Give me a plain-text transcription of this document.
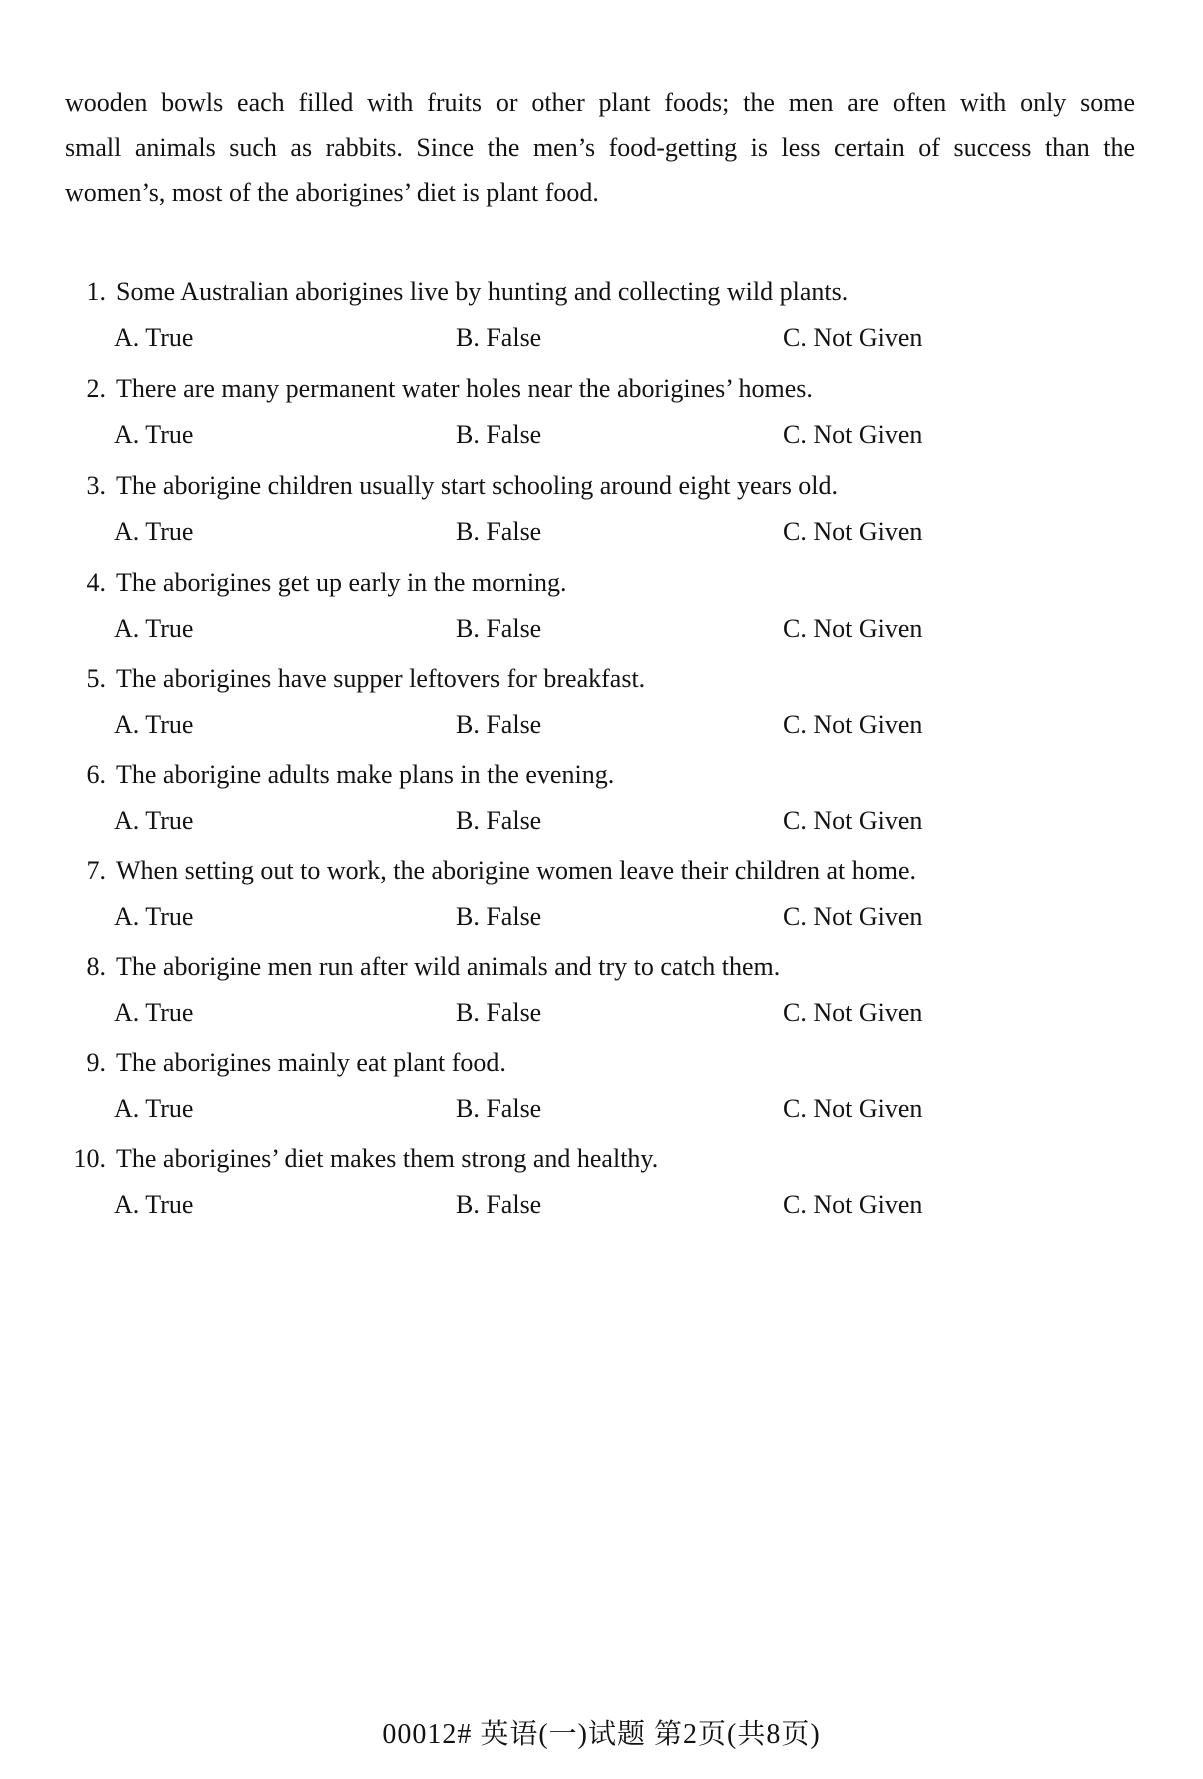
wooden bowls each filled with fruits or other plant foods; the men are often with only some
small animals such as rabbits. Since the men’s food-getting is less certain of success than the
women’s, most of the aborigines’ diet is plant food.
1. Some Australian aborigines live by hunting and collecting wild plants.
A. True	B. False	C. Not Given
2. There are many permanent water holes near the aborigines’ homes.
A. True	B. False	C. Not Given
3. The aborigine children usually start schooling around eight years old.
A. True	B. False	C. Not Given
4. The aborigines get up early in the morning.
A. True	B. False	C. Not Given
5. The aborigines have supper leftovers for breakfast.
A. True	B. False	C. Not Given
6. The aborigine adults make plans in the evening.
A. True	B. False	C. Not Given
7. When setting out to work, the aborigine women leave their children at home.
A. True	B. False	C. Not Given
8. The aborigine men run after wild animals and try to catch them.
A. True	B. False	C. Not Given
9. The aborigines mainly eat plant food.
A. True	B. False	C. Not Given
10. The aborigines’ diet makes them strong and healthy.
A. True	B. False	C. Not Given
00012# 英语(一)试题 第2页(共8页)
